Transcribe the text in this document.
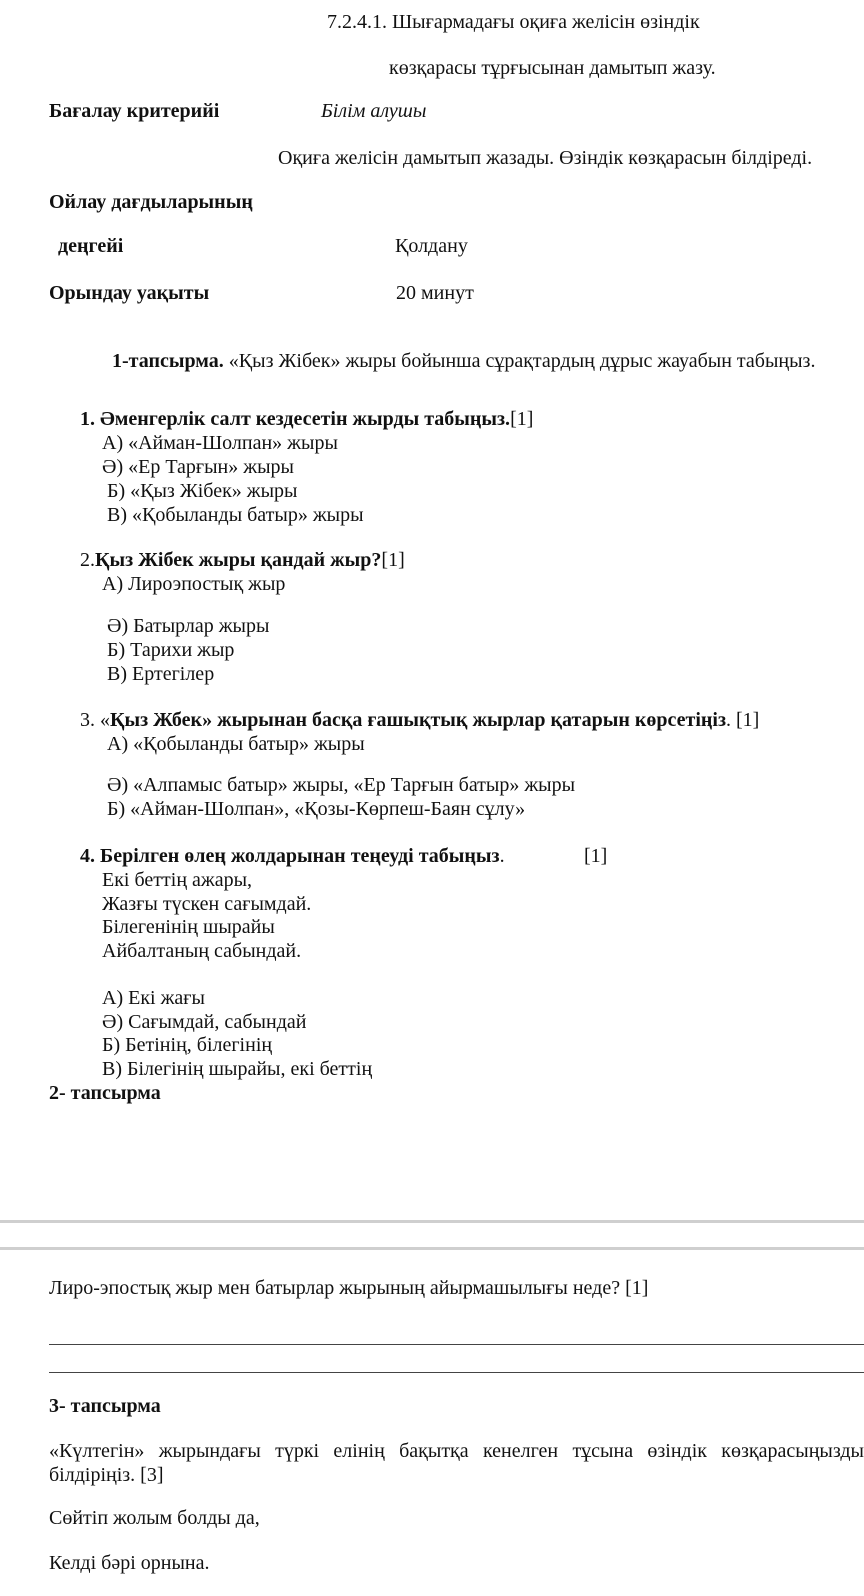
7.2.4.1. Шығармадағы оқиға желісін өзіндік
көзқарасы тұрғысынан дамытып жазу.
Бағалау критерийі	Білім алушы
Оқиға желісін дамытып жазады. Өзіндік көзқарасын білдіреді.
Ойлау дағдыларының
деңгейі	Қолдану
Орындау уақыты	20 минут
1-тапсырма. «Қыз Жібек» жыры бойынша сұрақтардың дұрыс жауабын табыңыз.
1. Әменгерлік салт кездесетін жырды табыңыз.[1]
А) «Айман-Шолпан» жыры
Ә) «Ер Тарғын» жыры
Б) «Қыз Жібек» жыры
В) «Қобыланды батыр» жыры
2.Қыз Жібек жыры қандай жыр?[1]
А) Лироэпостық жыр
Ә) Батырлар жыры
Б) Тарихи жыр
В) Ертегілер
3. «Қыз Жбек» жырынан басқа ғашықтық жырлар қатарын көрсетіңіз. [1]
А) «Қобыланды батыр» жыры
Ә) «Алпамыс батыр» жыры, «Ер Тарғын батыр» жыры
Б) «Айман-Шолпан», «Қозы-Көрпеш-Баян сұлу»
4. Берілген өлең жолдарынан теңеуді табыңыз.	[1]
Екі беттің ажары,
Жазғы түскен сағымдай.
Білегенінің шырайы
Айбалтаның сабындай.
А) Екі жағы
Ә) Сағымдай, сабындай
Б) Бетінің, білегінің
В) Білегінің шырайы, екі беттің
2- тапсырма
Лиро-эпостық жыр мен батырлар жырының айырмашылығы неде? [1]
3- тапсырма
«Күлтегін» жырындағы түркі елінің бақытқа кенелген тұсына өзіндік көзқарасыңызды білдіріңіз. [3]
Сөйтіп жолым болды да,
Келді бәрі орнына.
